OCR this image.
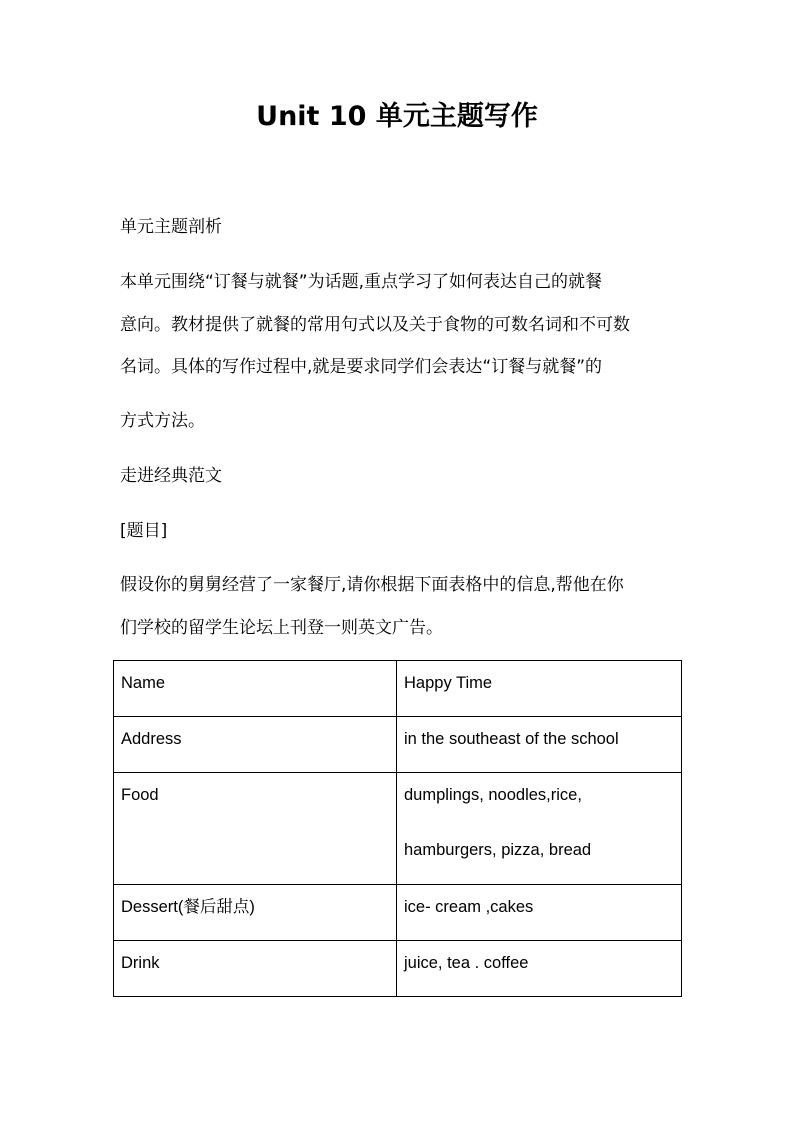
Unit 10 单元主题写作

单元主题剖析

本单元围绕“订餐与就餐”为话题,重点学习了如何表达自己的就餐

意向。教材提供了就餐的常用句式以及关于食物的可数名词和不可数

名词。具体的写作过程中,就是要求同学们会表达“订餐与就餐”的

方式方法。

走进经典范文

[题目]

假设你的舅舅经营了一家餐厅,请你根据下面表格中的信息,帮他在你

们学校的留学生论坛上刊登一则英文广告。

Name	Happy Time
Address	in the southeast of the school
Food	dumplings, noodles,rice,
hamburgers, pizza, bread

Dessert(餐后甜点)	ice- cream ,cakes
Drink	juice, tea . coffee
